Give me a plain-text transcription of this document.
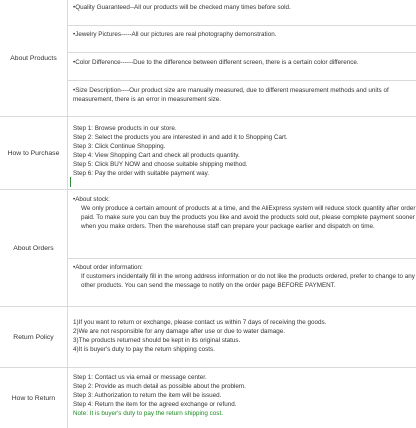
About Products

•Quality Guaranteed--All our products will be checked many times before sold.

•Jewelry Pictures-----All our pictures are real photography demonstration.

•Color Difference------Due to the difference between different screen, there is a certain color difference.

•Size Description----Our product size are manually measured, due to different measurement methods and units of measurement, there is an error in measurement size.

How to Purchase

Step 1: Browse products in our store.

Step 2: Select the products you are interested in and add it to Shopping Cart.

Step 3: Click Continue Shopping.

Step 4: View Shopping Cart and check all products quantity.

Step 5: Click BUY NOW and choose suitable shipping method.

Step 6: Pay the order with suitable payment way.

About Orders

•About stock:

We only produce a certain amount of products at a time, and the AliExpress system will reduce stock quantity after order paid. To make sure you can buy the products you like and avoid the products sold out, please complete payment sooner when you make orders. Then the warehouse staff can prepare your package earlier and dispatch on time.

•About order information:

If customers incidentally fill in the wrong address information or do not like the products ordered, prefer to change to any other products. You can send the message to notify on the order page BEFORE PAYMENT.

Return Policy

1)If you want to return or exchange, please contact us within 7 days of receiving the goods.

2)We are not responsible for any damage after use or due to water damage.

3)The products returned should be kept in its original status.

4)It is buyer's duty to pay the return shipping costs.

How to Return

Step 1: Contact us via email or message center.

Step 2: Provide as much detail as possible about the problem.

Step 3: Authorization to return the item will be issued.

Step 4: Return the item for the agreed exchange or refund.

Note: It is buyer's duty to pay the return shipping cost.
